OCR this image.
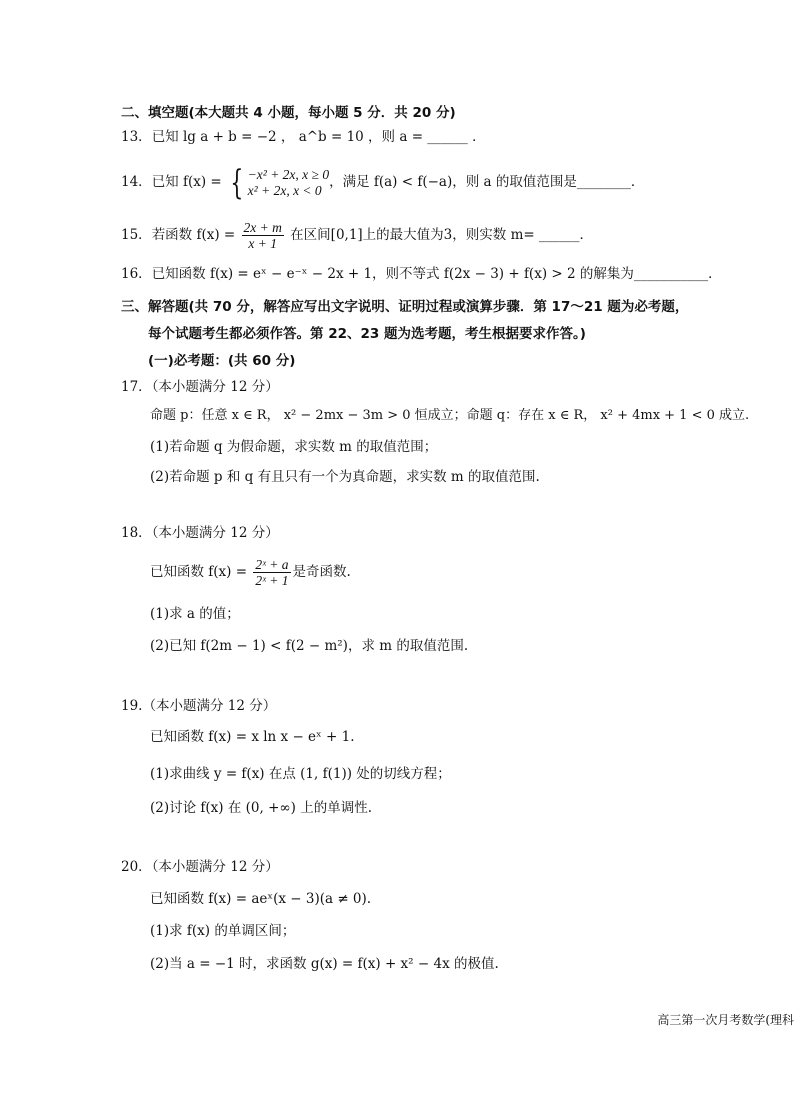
二、填空题(本大题共 4 小题，每小题 5 分．共 20 分)
13．已知 lg a + b = −2 ， a^b = 10 ，则 a = ______ ．
14．已知 f(x) = { −x² + 2x, x ≥ 0
x² + 2x, x < 0 ，满足 f(a) < f(−a)，则 a 的取值范围是________．
15．若函数 $f(x) = \frac{2x + m}{x + 1}$ 在区间[0,1]上的最大值为3，则实数 m= ______．
16．已知函数 f(x) = eˣ − e⁻ˣ − 2x + 1，则不等式 f(2x − 3) + f(x) > 2 的解集为___________．
三、解答题(共 70 分，解答应写出文字说明、证明过程或演算步骤．第 17～21 题为必考题，
每个试题考生都必须作答。第 22、23 题为选考题，考生根据要求作答。)
(一)必考题：(共 60 分)
17．（本小题满分 12 分）
命题 p：任意 x ∈ R， x² − 2mx − 3m > 0 恒成立；命题 q：存在 x ∈ R， x² + 4mx + 1 < 0 成立.
(1)若命题 q 为假命题，求实数 m 的取值范围；
(2)若命题 p 和 q 有且只有一个为真命题，求实数 m 的取值范围.
18．（本小题满分 12 分）
已知函数 $f(x) = \frac{\text{2ˣ + a}}{\text{2ˣ + 1}}$ 是奇函数.
(1)求 a 的值；
(2)已知 f(2m − 1) < f(2 − m²)，求 m 的取值范围.
19.（本小题满分 12 分）
已知函数 f(x) = x ln x − eˣ + 1.
(1)求曲线 y = f(x) 在点 (1, f(1)) 处的切线方程；
(2)讨论 f(x) 在 (0, +∞) 上的单调性.
20．（本小题满分 12 分）
已知函数 f(x) = aeˣ(x − 3)(a ≠ 0).
(1)求 f(x) 的单调区间；
(2)当 a = −1 时，求函数 g(x) = f(x) + x² − 4x 的极值.
高三第一次月考数学(理科
